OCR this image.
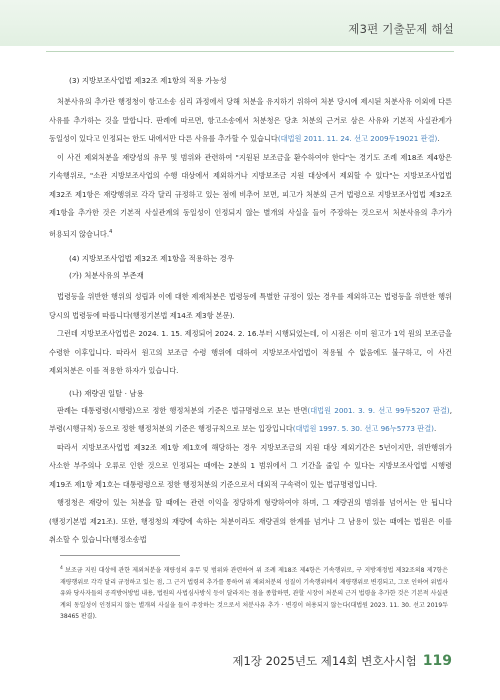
제3편 기출문제 해설

(3) 지방보조사업법 제32조 제1항의 적용 가능성

처분사유의 추가란 행정청이 항고소송 심리 과정에서 당해 처분을 유지하기 위하여 처분 당시에 제시된 처분사유 이외에 다른 사유를 추가하는 것을 말합니다. 판례에 따르면, 항고소송에서 처분청은 당초 처분의 근거로 삼은 사유와 기본적 사실관계가 동일성이 있다고 인정되는 한도 내에서만 다른 사유를 추가할 수 있습니다(대법원 2011. 11. 24. 선고 2009두19021 판결).

이 사건 제외처분을 재량성의 유무 및 범위와 관련하여 "지원된 보조금을 환수하여야 한다"는 경기도 조례 제18조 제4항은 기속행위로, "소관 지방보조사업의 수행 대상에서 제외하거나 지방보조금 지원 대상에서 제외할 수 있다"는 지방보조사업법 제32조 제1항은 재량행위로 각각 달리 규정하고 있는 점에 비추어 보면, 피고가 처분의 근거 법령으로 지방보조사업법 제32조 제1항을 추가한 것은 기본적 사실관계의 동일성이 인정되지 않는 별개의 사실을 들어 주장하는 것으로서 처분사유의 추가가 허용되지 않습니다.$^4$

(4) 지방보조사업법 제32조 제1항을 적용하는 경우

(가) 처분사유의 부존재

법령등을 위반한 행위의 성립과 이에 대한 제재처분은 법령등에 특별한 규정이 있는 경우를 제외하고는 법령등을 위반한 행위 당시의 법령등에 따릅니다(행정기본법 제14조 제3항 본문).

그런데 지방보조사업법은 2024. 1. 15. 제정되어 2024. 2. 16.부터 시행되었는데, 이 시점은 이미 원고가 1억 원의 보조금을 수령한 이후입니다. 따라서 원고의 보조금 수령 행위에 대하여 지방보조사업법이 적용될 수 없음에도 불구하고, 이 사건 제외처분은 이를 적용한 하자가 있습니다.

(나) 재량권 일탈 · 남용

판례는 대통령령(시행령)으로 정한 행정처분의 기준은 법규명령으로 보는 반면(대법원 2001. 3. 9. 선고 99두5207 판결), 부령(시행규칙) 등으로 정한 행정처분의 기준은 행정규칙으로 보는 입장입니다(대법원 1997. 5. 30. 선고 96누5773 판결).

따라서 지방보조사업법 제32조 제1항 제1호에 해당하는 경우 지방보조금의 지원 대상 제외기간은 5년이지만, 위반행위가 사소한 부주의나 오류로 인한 것으로 인정되는 때에는 2분의 1 범위에서 그 기간을 줄일 수 있다는 지방보조사업법 시행령 제19조 제1항 제1호는 대통령령으로 정한 행정처분의 기준으로서 대외적 구속력이 있는 법규명령입니다.

행정청은 재량이 있는 처분을 할 때에는 관련 이익을 정당하게 형량하여야 하며, 그 재량권의 범위를 넘어서는 안 됩니다(행정기본법 제21조). 또한, 행정청의 재량에 속하는 처분이라도 재량권의 한계를 넘거나 그 남용이 있는 때에는 법원은 이를 취소할 수 있습니다(행정소송법

$^4$ 보조금 지원 대상에 관한 제외처분을 재량성의 유무 및 범위와 관련하여 위 조례 제18조 제4항은 기속행위로, 구 지방재정법 제32조의8 제7항은 재량행위로 각각 달리 규정하고 있는 점, 그 근거 법령의 추가를 통하여 위 제외처분의 성질이 기속행위에서 재량행위로 변경되고, 그로 인하여 위법사유와 당사자들의 공격방어방법 내용, 법원의 사법심사방식 등이 달라지는 점을 종합하면, 관할 시장이 처분의 근거 법령을 추가한 것은 기본적 사실관계의 동일성이 인정되지 않는 별개의 사실을 들어 주장하는 것으로서 처분사유 추가 · 변경이 허용되지 않는다(대법원 2023. 11. 30. 선고 2019두38465 판결).
제1장 2025년도 제14회 변호사시험 119
